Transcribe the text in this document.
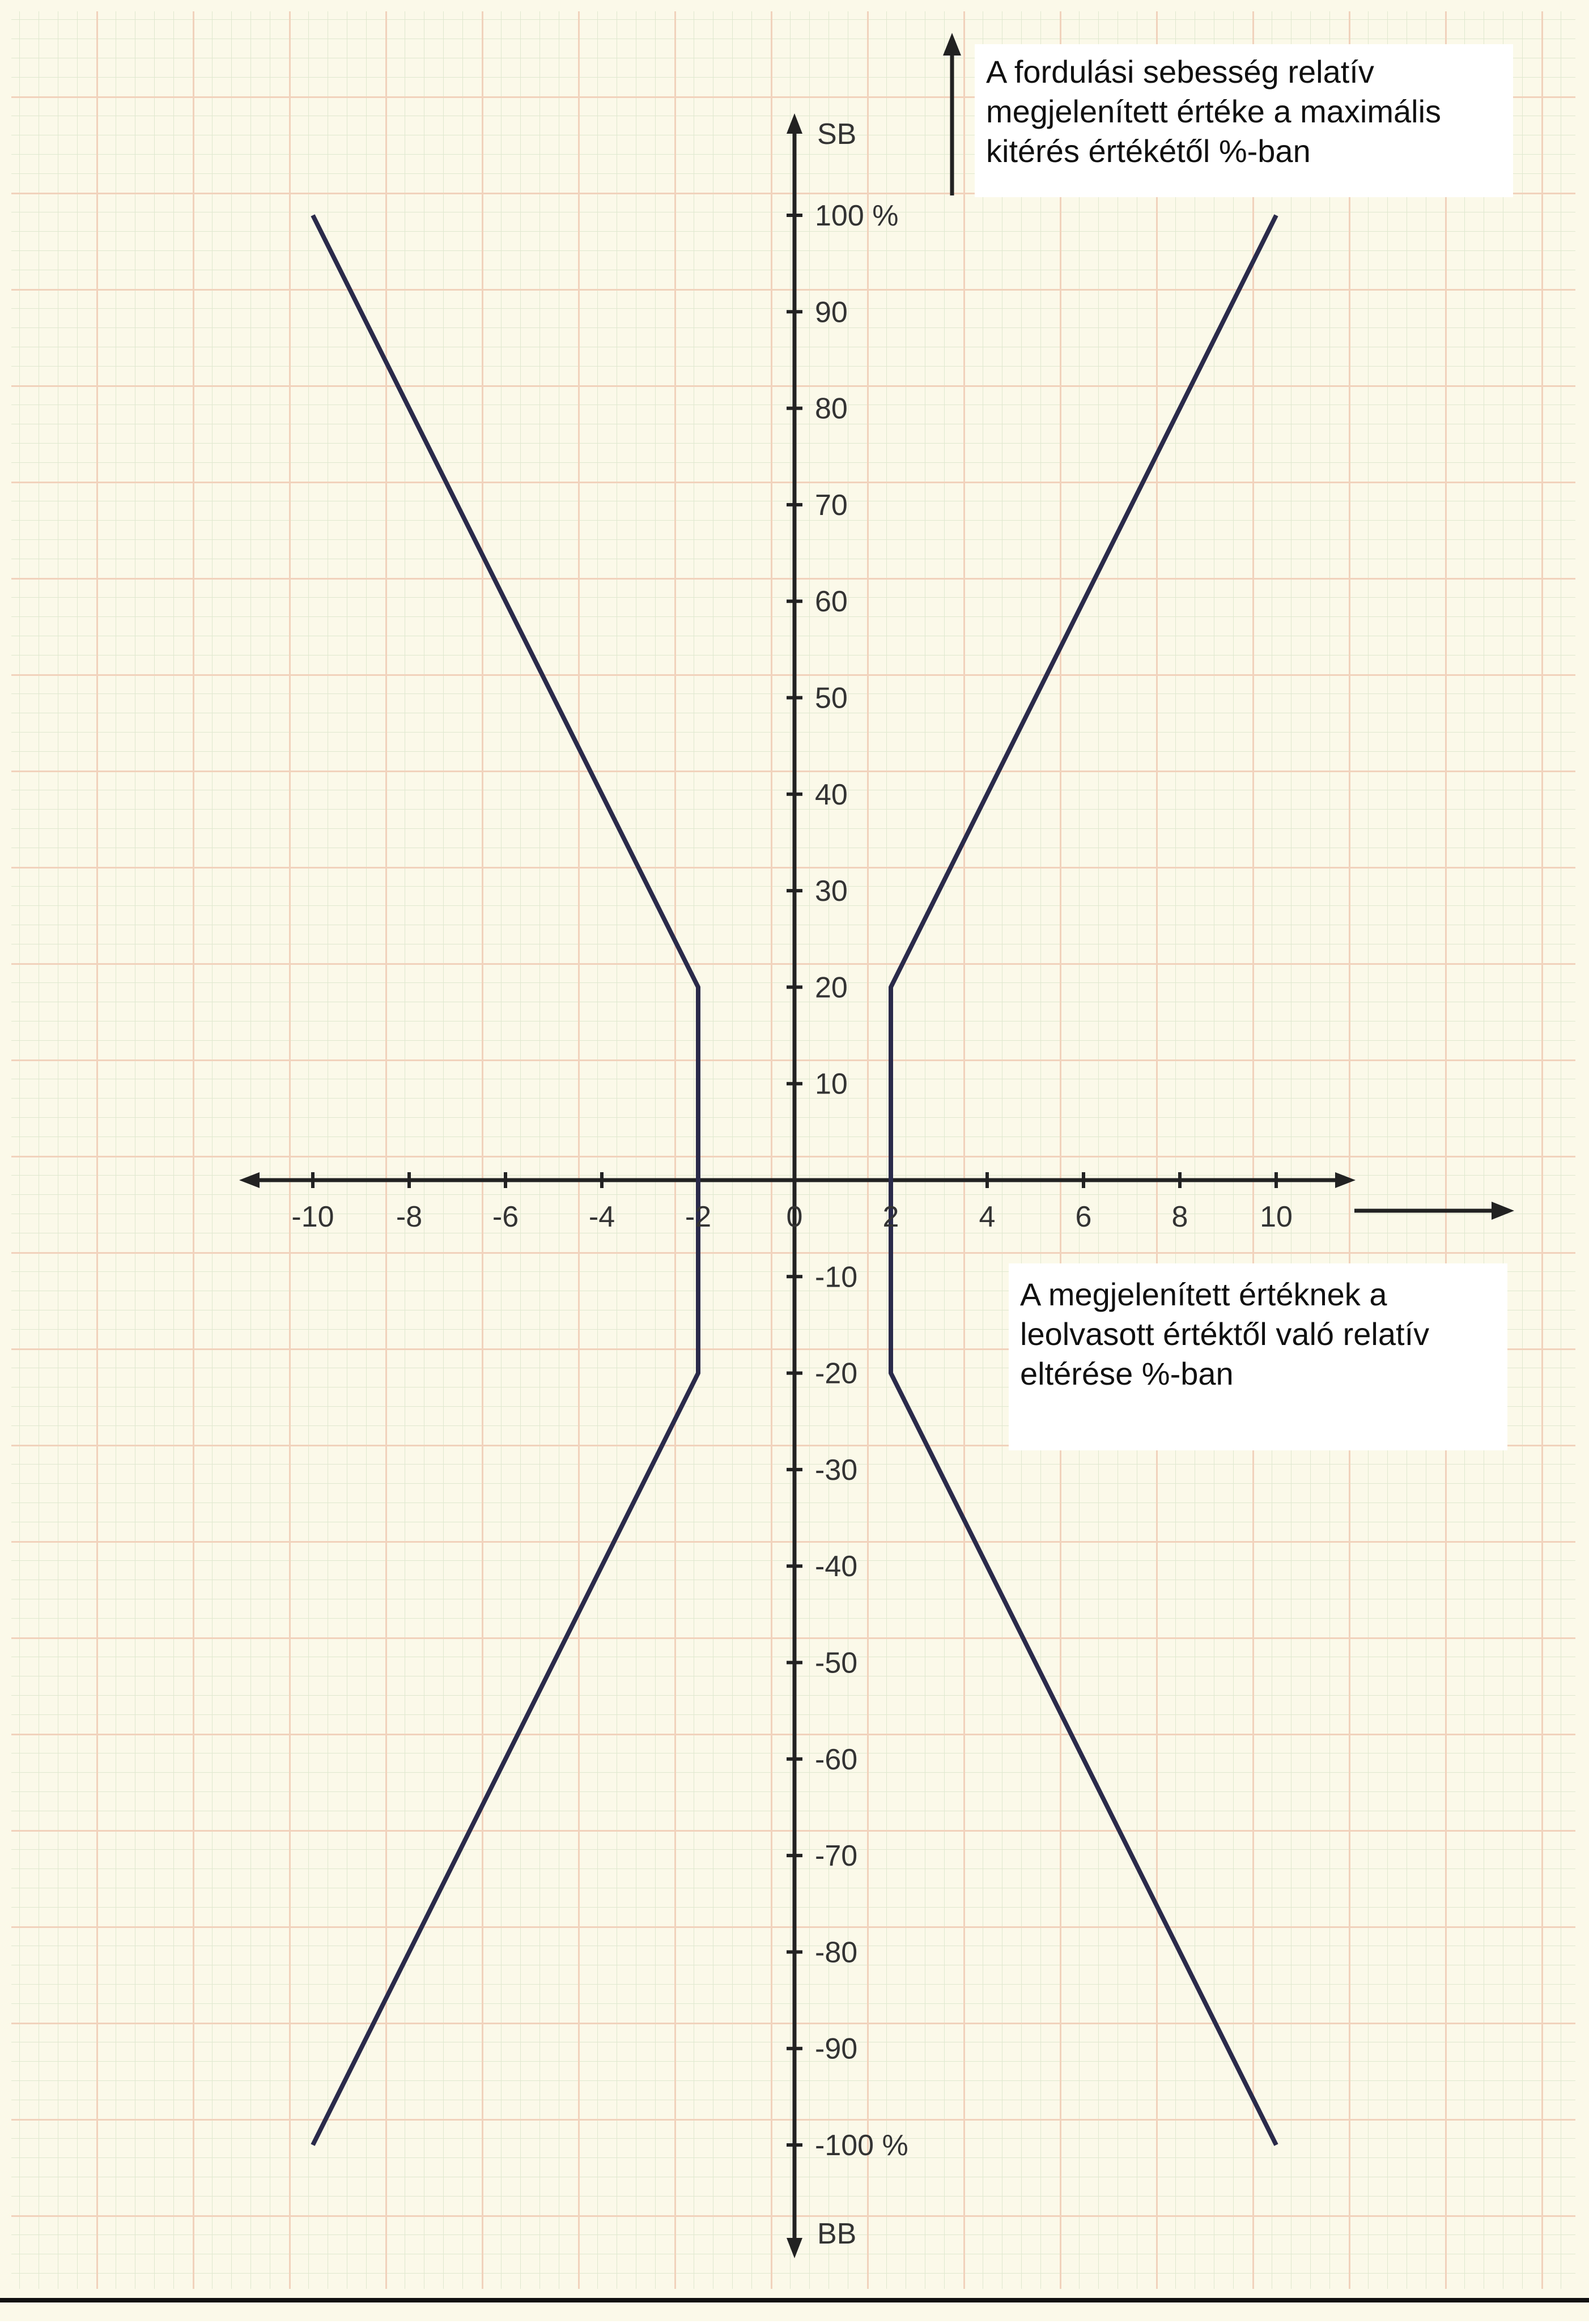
SB
BB
-10 -8 -6 -4 -2	0	2	4	6	8 10
100 %
90
80
70
60
50
40
30
20
10
-10
-20
-30
-40
-50
-60
-70
-80
-90
-100 %
A fordulási sebesség relatív
megjelenített értéke a maximális
kitérés értékétől %-ban
A megjelenített értéknek a
leolvasott értéktől való relatív
eltérése %-ban
